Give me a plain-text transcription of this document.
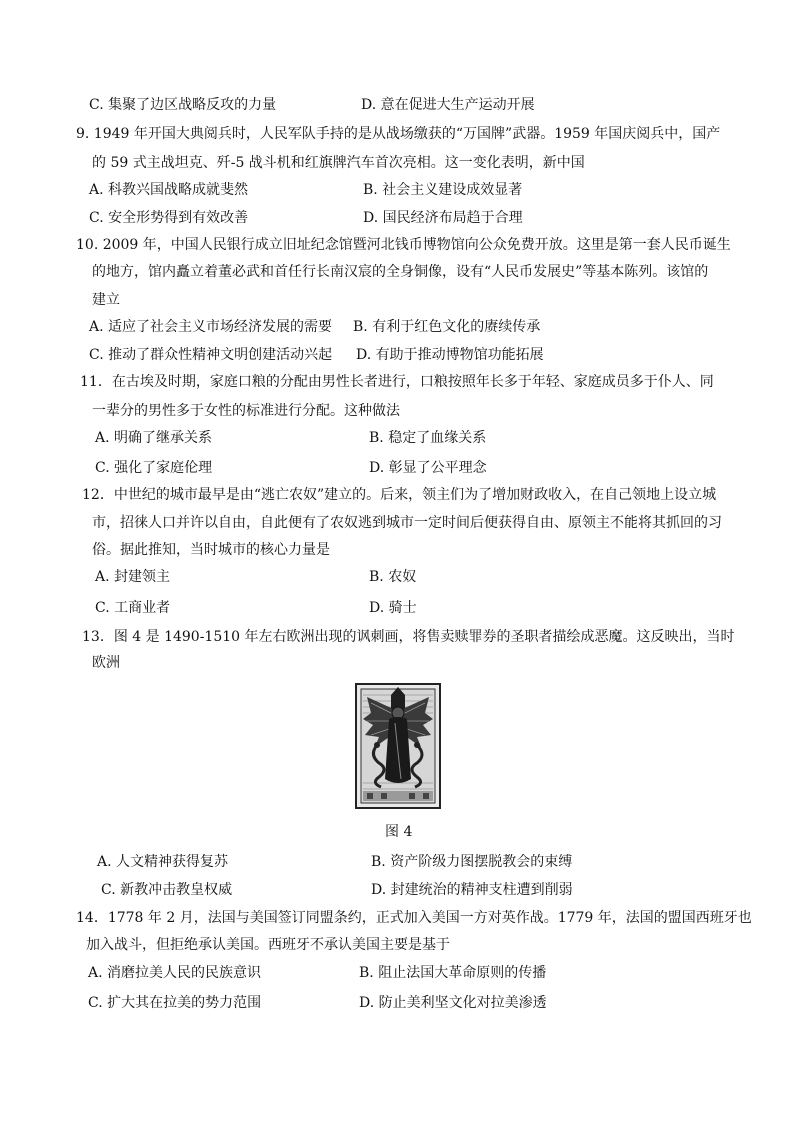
C. 集聚了边区战略反攻的力量	D. 意在促进大生产运动开展
9. 1949 年开国大典阅兵时，人民军队手持的是从战场缴获的“万国牌”武器。1959 年国庆阅兵中，国产
的 59 式主战坦克、歼-5 战斗机和红旗牌汽车首次亮相。这一变化表明，新中国
A. 科教兴国战略成就斐然	B. 社会主义建设成效显著
C. 安全形势得到有效改善	D. 国民经济布局趋于合理
10. 2009 年，中国人民银行成立旧址纪念馆暨河北钱币博物馆向公众免费开放。这里是第一套人民币诞生
的地方，馆内矗立着董必武和首任行长南汉宸的全身铜像，设有“人民币发展史”等基本陈列。该馆的
建立
A. 适应了社会主义市场经济发展的需要 B. 有利于红色文化的赓续传承
C. 推动了群众性精神文明创建活动兴起 D. 有助于推动博物馆功能拓展
11．在古埃及时期，家庭口粮的分配由男性长者进行，口粮按照年长多于年轻、家庭成员多于仆人、同
一辈分的男性多于女性的标准进行分配。这种做法
A. 明确了继承关系	B. 稳定了血缘关系
C. 强化了家庭伦理	D. 彰显了公平理念
12．中世纪的城市最早是由“逃亡农奴”建立的。后来，领主们为了增加财政收入，在自己领地上设立城
市，招徕人口并许以自由，自此便有了农奴逃到城市一定时间后便获得自由、原领主不能将其抓回的习
俗。据此推知，当时城市的核心力量是
A. 封建领主	B. 农奴
C. 工商业者	D. 骑士
13．图 4 是 1490-1510 年左右欧洲出现的讽刺画，将售卖赎罪券的圣职者描绘成恶魔。这反映出，当时
欧洲
图 4
A. 人文精神获得复苏	B. 资产阶级力图摆脱教会的束缚
C. 新教冲击教皇权威	D. 封建统治的精神支柱遭到削弱
14．1778 年 2 月，法国与美国签订同盟条约，正式加入美国一方对英作战。1779 年，法国的盟国西班牙也
加入战斗，但拒绝承认美国。西班牙不承认美国主要是基于
A. 消磨拉美人民的民族意识	B. 阻止法国大革命原则的传播
C. 扩大其在拉美的势力范围	D. 防止美利坚文化对拉美渗透
